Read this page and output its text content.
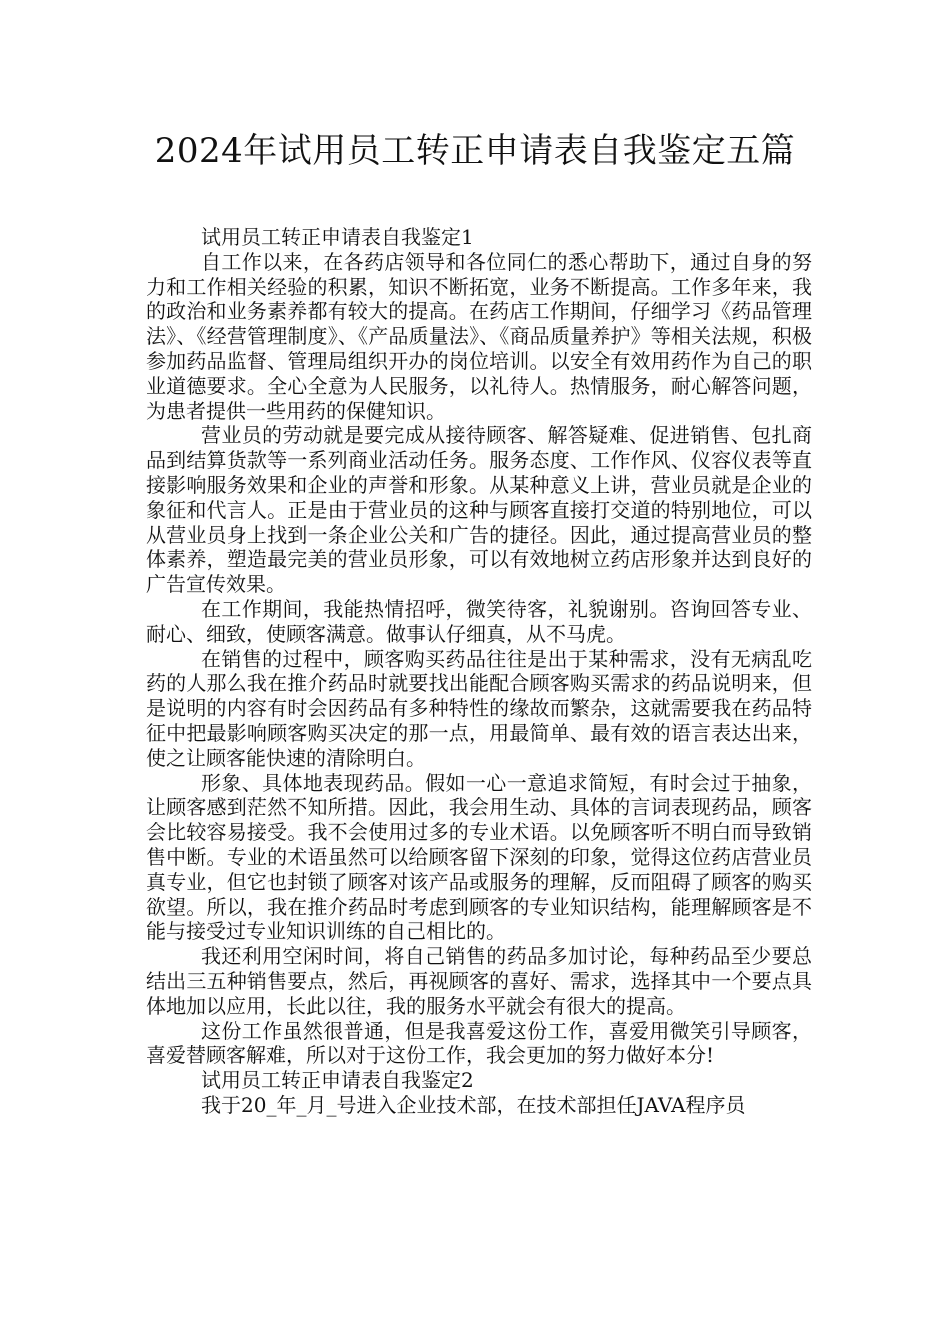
2024年试用员工转正申请表自我鉴定五篇

试用员工转正申请表自我鉴定1

自工作以来，在各药店领导和各位同仁的悉心帮助下，通过自身的努力和工作相关经验的积累，知识不断拓宽，业务不断提高。工作多年来，我的政治和业务素养都有较大的提高。在药店工作期间，仔细学习《药品管理法》、《经营管理制度》、《产品质量法》、《商品质量养护》等相关法规，积极参加药品监督、管理局组织开办的岗位培训。以安全有效用药作为自己的职业道德要求。全心全意为人民服务，以礼待人。热情服务，耐心解答问题，为患者提供一些用药的保健知识。

营业员的劳动就是要完成从接待顾客、解答疑难、促进销售、包扎商品到结算货款等一系列商业活动任务。服务态度、工作作风、仪容仪表等直接影响服务效果和企业的声誉和形象。从某种意义上讲，营业员就是企业的象征和代言人。正是由于营业员的这种与顾客直接打交道的特别地位，可以从营业员身上找到一条企业公关和广告的捷径。因此，通过提高营业员的整体素养，塑造最完美的营业员形象，可以有效地树立药店形象并达到良好的广告宣传效果。

在工作期间，我能热情招呼，微笑待客，礼貌谢别。咨询回答专业、耐心、细致，使顾客满意。做事认仔细真，从不马虎。

在销售的过程中，顾客购买药品往往是出于某种需求，没有无病乱吃药的人那么我在推介药品时就要找出能配合顾客购买需求的药品说明来，但是说明的内容有时会因药品有多种特性的缘故而繁杂，这就需要我在药品特征中把最影响顾客购买决定的那一点，用最简单、最有效的语言表达出来，使之让顾客能快速的清除明白。

形象、具体地表现药品。假如一心一意追求简短，有时会过于抽象，让顾客感到茫然不知所措。因此，我会用生动、具体的言词表现药品，顾客会比较容易接受。我不会使用过多的专业术语。以免顾客听不明白而导致销售中断。专业的术语虽然可以给顾客留下深刻的印象，觉得这位药店营业员真专业，但它也封锁了顾客对该产品或服务的理解，反而阻碍了顾客的购买欲望。所以，我在推介药品时考虑到顾客的专业知识结构，能理解顾客是不能与接受过专业知识训练的自己相比的。

我还利用空闲时间，将自己销售的药品多加讨论，每种药品至少要总结出三五种销售要点，然后，再视顾客的喜好、需求，选择其中一个要点具体地加以应用，长此以往，我的服务水平就会有很大的提高。

这份工作虽然很普通，但是我喜爱这份工作，喜爱用微笑引导顾客，喜爱替顾客解难，所以对于这份工作，我会更加的努力做好本分!

试用员工转正申请表自我鉴定2

我于20_年_月_号进入企业技术部，在技术部担任JAVA程序员
